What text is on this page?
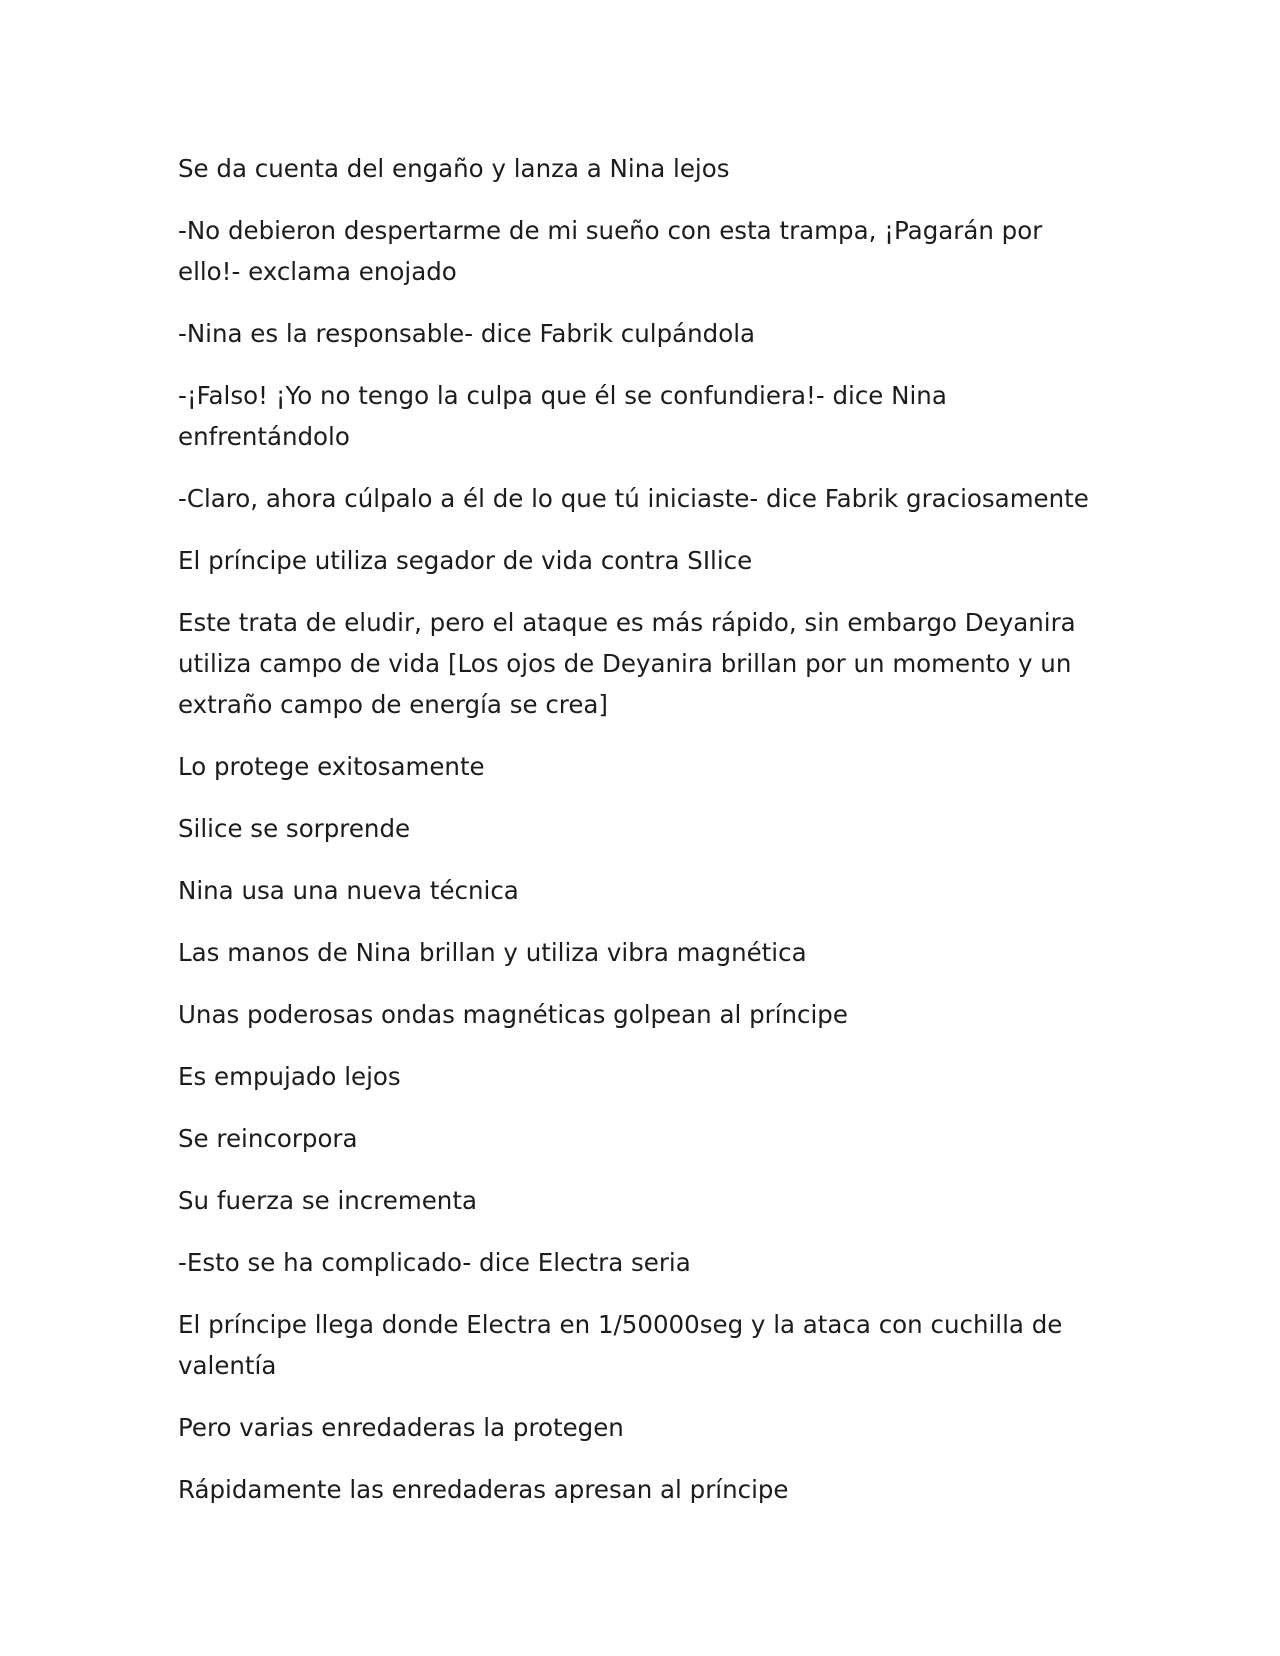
Se da cuenta del engaño y lanza a Nina lejos

-No debieron despertarme de mi sueño con esta trampa, ¡Pagarán por ello!- exclama enojado

-Nina es la responsable- dice Fabrik culpándola

-¡Falso! ¡Yo no tengo la culpa que él se confundiera!- dice Nina enfrentándolo

-Claro, ahora cúlpalo a él de lo que tú iniciaste- dice Fabrik graciosamente

El príncipe utiliza segador de vida contra SIlice

Este trata de eludir, pero el ataque es más rápido, sin embargo Deyanira utiliza campo de vida [Los ojos de Deyanira brillan por un momento y un extraño campo de energía se crea]

Lo protege exitosamente

Silice se sorprende

Nina usa una nueva técnica

Las manos de Nina brillan y utiliza vibra magnética

Unas poderosas ondas magnéticas golpean al príncipe

Es empujado lejos

Se reincorpora

Su fuerza se incrementa

-Esto se ha complicado- dice Electra seria

El príncipe llega donde Electra en 1/50000seg y la ataca con cuchilla de valentía

Pero varias enredaderas la protegen

Rápidamente las enredaderas apresan al príncipe
